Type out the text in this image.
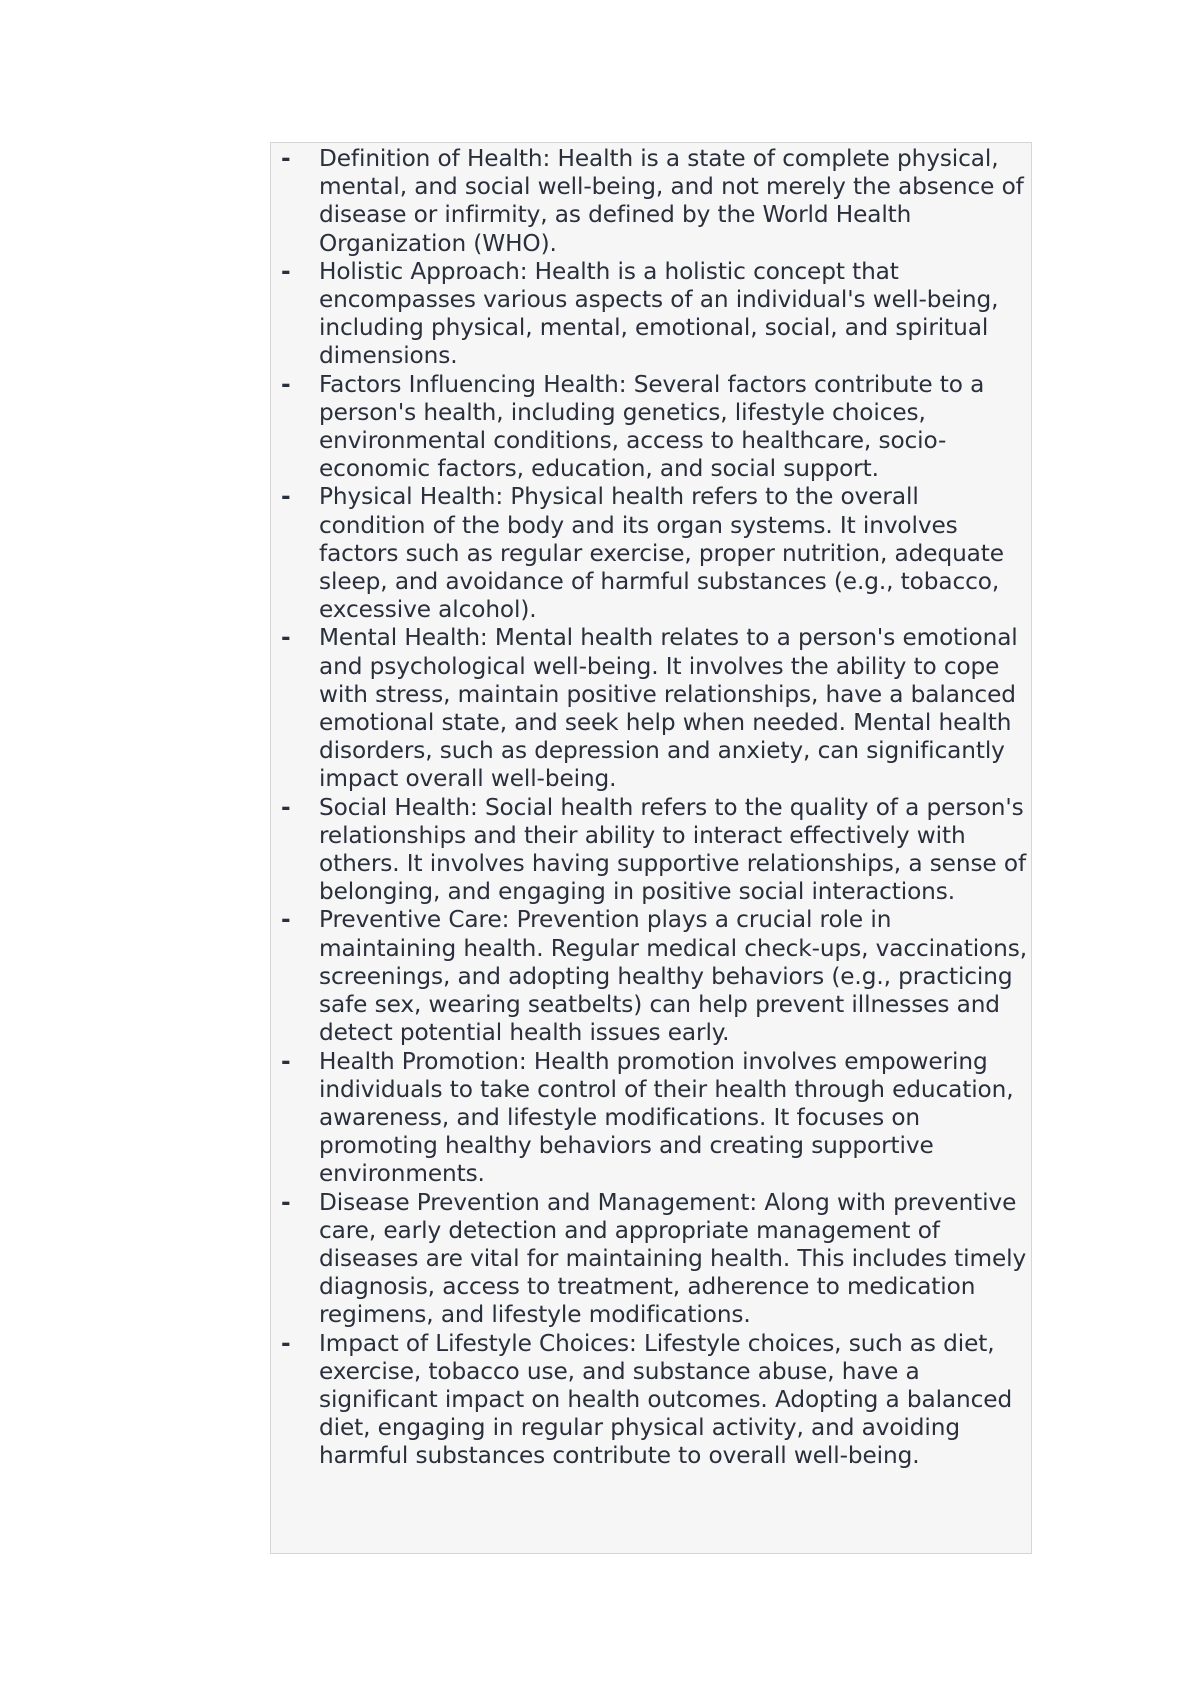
- Definition of Health: Health is a state of complete physical, mental, and social well-being, and not merely the absence of disease or infirmity, as defined by the World Health Organization (WHO).
- Holistic Approach: Health is a holistic concept that encompasses various aspects of an individual's well-being, including physical, mental, emotional, social, and spiritual dimensions.
- Factors Influencing Health: Several factors contribute to a person's health, including genetics, lifestyle choices, environmental conditions, access to healthcare, socio-economic factors, education, and social support.
- Physical Health: Physical health refers to the overall condition of the body and its organ systems. It involves factors such as regular exercise, proper nutrition, adequate sleep, and avoidance of harmful substances (e.g., tobacco, excessive alcohol).
- Mental Health: Mental health relates to a person's emotional and psychological well-being. It involves the ability to cope with stress, maintain positive relationships, have a balanced emotional state, and seek help when needed. Mental health disorders, such as depression and anxiety, can significantly impact overall well-being.
- Social Health: Social health refers to the quality of a person's relationships and their ability to interact effectively with others. It involves having supportive relationships, a sense of belonging, and engaging in positive social interactions.
- Preventive Care: Prevention plays a crucial role in maintaining health. Regular medical check-ups, vaccinations, screenings, and adopting healthy behaviors (e.g., practicing safe sex, wearing seatbelts) can help prevent illnesses and detect potential health issues early.
- Health Promotion: Health promotion involves empowering individuals to take control of their health through education, awareness, and lifestyle modifications. It focuses on promoting healthy behaviors and creating supportive environments.
- Disease Prevention and Management: Along with preventive care, early detection and appropriate management of diseases are vital for maintaining health. This includes timely diagnosis, access to treatment, adherence to medication regimens, and lifestyle modifications.
- Impact of Lifestyle Choices: Lifestyle choices, such as diet, exercise, tobacco use, and substance abuse, have a significant impact on health outcomes. Adopting a balanced diet, engaging in regular physical activity, and avoiding harmful substances contribute to overall well-being.
